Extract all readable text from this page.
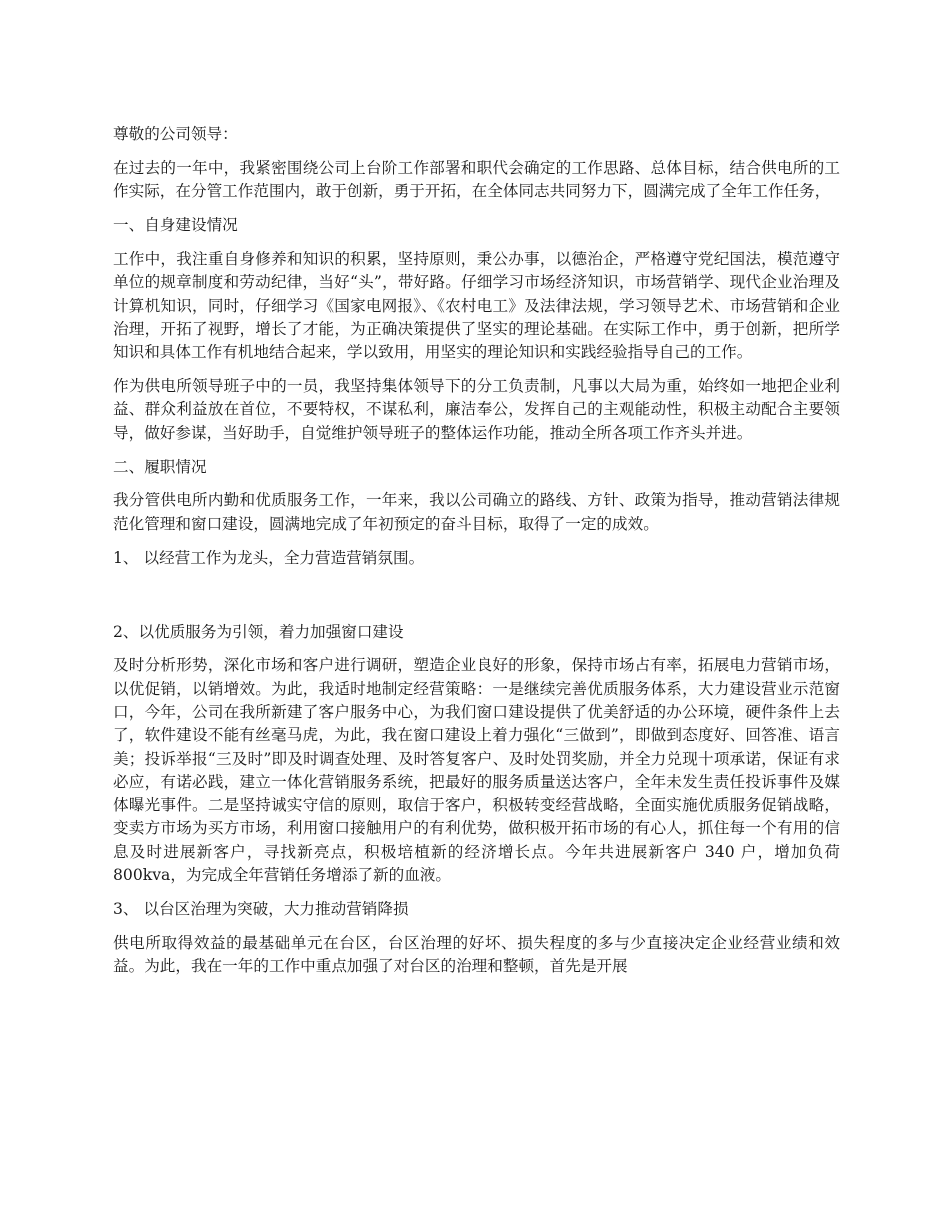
尊敬的公司领导：

在过去的一年中，我紧密围绕公司上台阶工作部署和职代会确定的工作思路、总体目标，结合供电所的工作实际，在分管工作范围内，敢于创新，勇于开拓，在全体同志共同努力下，圆满完成了全年工作任务，

一、自身建设情况

工作中，我注重自身修养和知识的积累，坚持原则，秉公办事，以德治企，严格遵守党纪国法，模范遵守单位的规章制度和劳动纪律，当好“头”，带好路。仔细学习市场经济知识，市场营销学、现代企业治理及计算机知识，同时，仔细学习《国家电网报》、《农村电工》及法律法规，学习领导艺术、市场营销和企业治理，开拓了视野，增长了才能，为正确决策提供了坚实的理论基础。在实际工作中，勇于创新，把所学知识和具体工作有机地结合起来，学以致用，用坚实的理论知识和实践经验指导自己的工作。

作为供电所领导班子中的一员，我坚持集体领导下的分工负责制，凡事以大局为重，始终如一地把企业利益、群众利益放在首位，不要特权，不谋私利，廉洁奉公，发挥自己的主观能动性，积极主动配合主要领导，做好参谋，当好助手，自觉维护领导班子的整体运作功能，推动全所各项工作齐头并进。

二、履职情况

我分管供电所内勤和优质服务工作，一年来，我以公司确立的路线、方针、政策为指导，推动营销法律规范化管理和窗口建设，圆满地完成了年初预定的奋斗目标，取得了一定的成效。

1、 以经营工作为龙头，全力营造营销氛围。

2、以优质服务为引领，着力加强窗口建设

及时分析形势，深化市场和客户进行调研，塑造企业良好的形象，保持市场占有率，拓展电力营销市场，以优促销，以销增效。为此，我适时地制定经营策略：一是继续完善优质服务体系，大力建设营业示范窗口，今年，公司在我所新建了客户服务中心，为我们窗口建设提供了优美舒适的办公环境，硬件条件上去了，软件建设不能有丝毫马虎，为此，我在窗口建设上着力强化“三做到”，即做到态度好、回答准、语言美；投诉举报“三及时”即及时调查处理、及时答复客户、及时处罚奖励，并全力兑现十项承诺，保证有求必应，有诺必践，建立一体化营销服务系统，把最好的服务质量送达客户，全年未发生责任投诉事件及媒体曝光事件。二是坚持诚实守信的原则，取信于客户，积极转变经营战略，全面实施优质服务促销战略，变卖方市场为买方市场，利用窗口接触用户的有利优势，做积极开拓市场的有心人，抓住每一个有用的信息及时进展新客户，寻找新亮点，积极培植新的经济增长点。今年共进展新客户 340 户，增加负荷 800kva，为完成全年营销任务增添了新的血液。

3、 以台区治理为突破，大力推动营销降损

供电所取得效益的最基础单元在台区，台区治理的好坏、损失程度的多与少直接决定企业经营业绩和效益。为此，我在一年的工作中重点加强了对台区的治理和整顿，首先是开展
